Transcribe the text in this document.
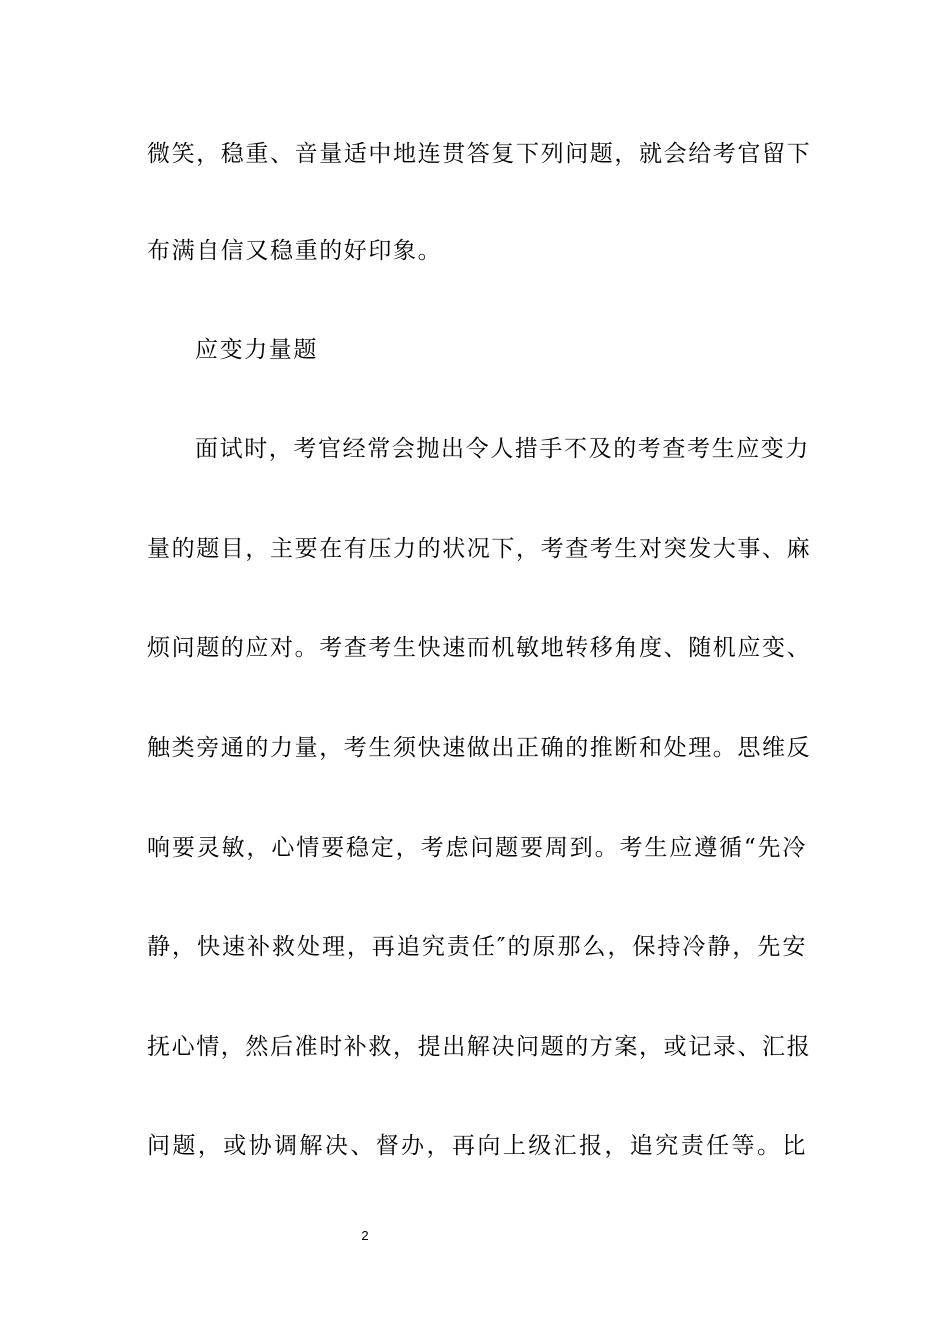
微笑，稳重、音量适中地连贯答复下列问题，就会给考官留下
布满自信又稳重的好印象。
应变力量题
面试时，考官经常会抛出令人措手不及的考查考生应变力
量的题目，主要在有压力的状况下，考查考生对突发大事、麻
烦问题的应对。考查考生快速而机敏地转移角度、随机应变、
触类旁通的力量，考生须快速做出正确的推断和处理。思维反
响要灵敏，心情要稳定，考虑问题要周到。考生应遵循“先冷
静，快速补救处理，再追究责任″的原那么，保持冷静，先安
抚心情，然后准时补救，提出解决问题的方案，或记录、汇报
问题，或协调解决、督办，再向上级汇报，追究责任等。比
2
